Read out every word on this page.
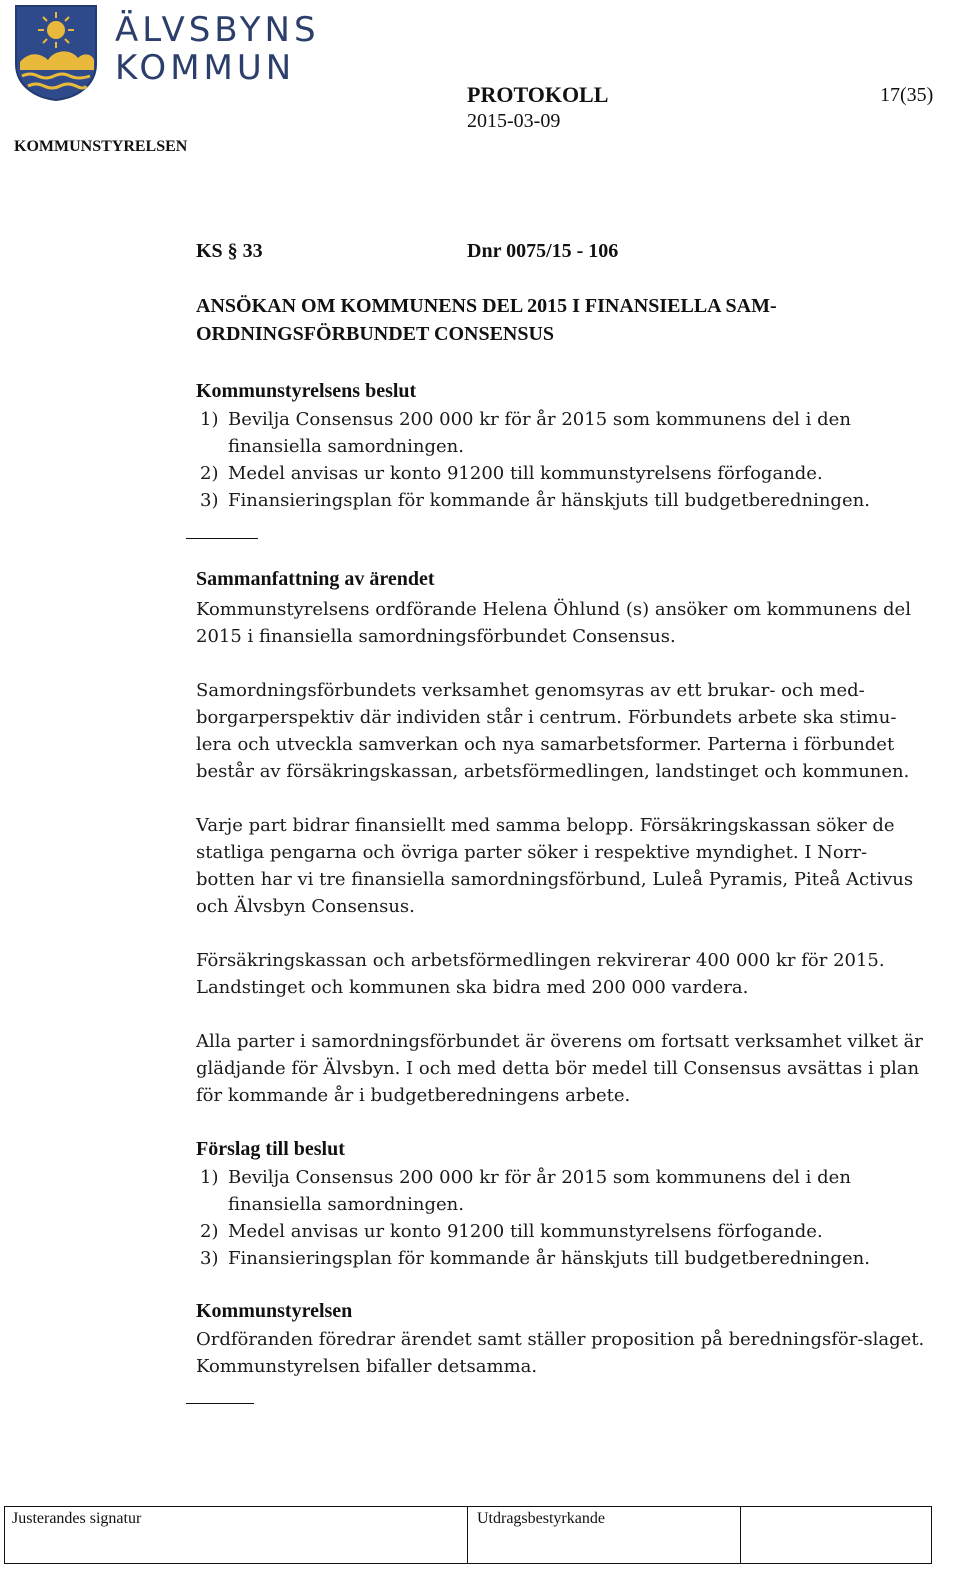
ÄLVSBYNS
KOMMUN
PROTOKOLL	17(35)
2015-03-09
KOMMUNSTYRELSEN
KS § 33	Dnr 0075/15 - 106
ANSÖKAN OM KOMMUNENS DEL 2015 I FINANSIELLA SAM-ORDNINGSFÖRBUNDET CONSENSUS
Kommunstyrelsens beslut
1) Bevilja Consensus 200 000 kr för år 2015 som kommunens del i den
finansiella samordningen.
2) Medel anvisas ur konto 91200 till kommunstyrelsens förfogande.
3) Finansieringsplan för kommande år hänskjuts till budgetberedningen.
Sammanfattning av ärendet
Kommunstyrelsens ordförande Helena Öhlund (s) ansöker om kommunens del 2015 i finansiella samordningsförbundet Consensus.
Samordningsförbundets verksamhet genomsyras av ett brukar- och med-borgarperspektiv där individen står i centrum. Förbundets arbete ska stimu-lera och utveckla samverkan och nya samarbetsformer. Parterna i förbundet består av försäkringskassan, arbetsförmedlingen, landstinget och kommunen.
Varje part bidrar finansiellt med samma belopp. Försäkringskassan söker de statliga pengarna och övriga parter söker i respektive myndighet. I Norr-botten har vi tre finansiella samordningsförbund, Luleå Pyramis, Piteå Activus och Älvsbyn Consensus.
Försäkringskassan och arbetsförmedlingen rekvirerar 400 000 kr för 2015. Landstinget och kommunen ska bidra med 200 000 vardera.
Alla parter i samordningsförbundet är överens om fortsatt verksamhet vilket är glädjande för Älvsbyn. I och med detta bör medel till Consensus avsättas i plan för kommande år i budgetberedningens arbete.
Förslag till beslut
1) Bevilja Consensus 200 000 kr för år 2015 som kommunens del i den
finansiella samordningen.
2) Medel anvisas ur konto 91200 till kommunstyrelsens förfogande.
3) Finansieringsplan för kommande år hänskjuts till budgetberedningen.
Kommunstyrelsen
Ordföranden föredrar ärendet samt ställer proposition på beredningsför-slaget. Kommunstyrelsen bifaller detsamma.
Justerandes signatur	Utdragsbestyrkande
